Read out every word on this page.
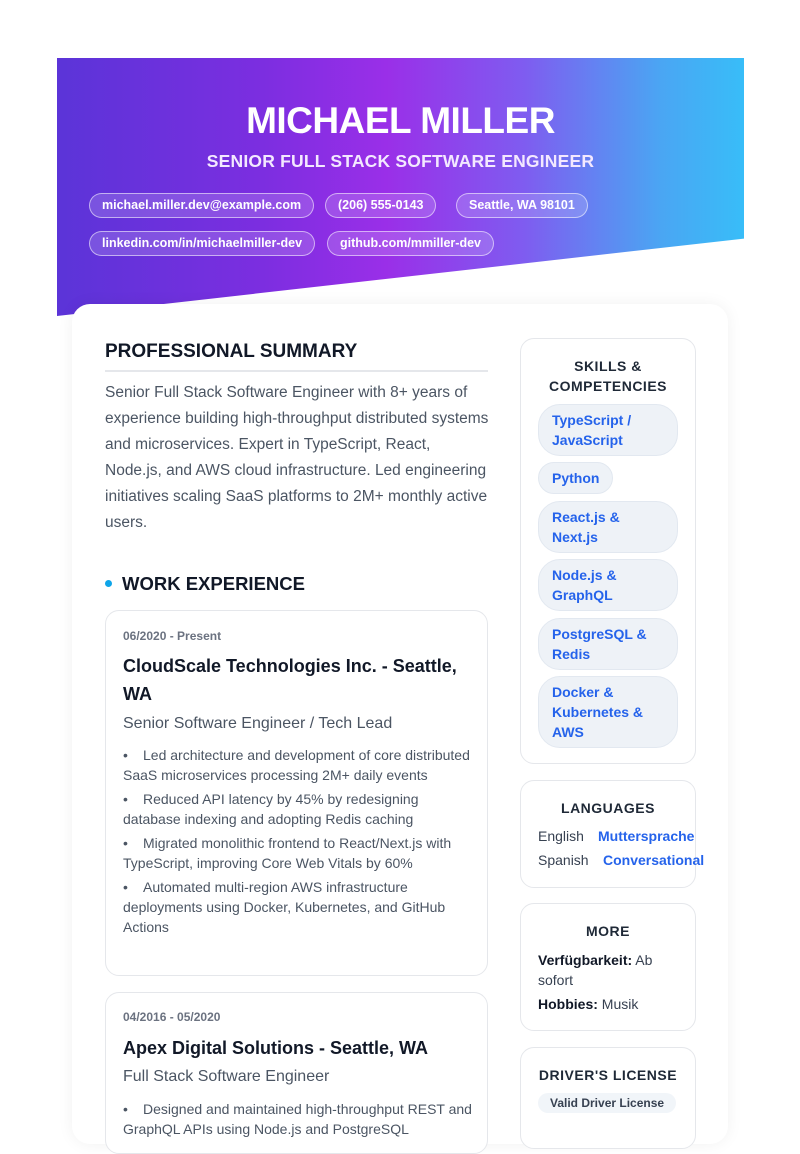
MICHAEL MILLER
SENIOR FULL STACK SOFTWARE ENGINEER
michael.miller.dev@example.com	(206) 555-0143	Seattle, WA 98101
linkedin.com/in/michaelmiller-dev	github.com/mmiller-dev
PROFESSIONAL SUMMARY
Senior Full Stack Software Engineer with 8+ years of experience building high-throughput distributed systems and microservices. Expert in TypeScript, React, Node.js, and AWS cloud infrastructure. Led engineering initiatives scaling SaaS platforms to 2M+ monthly active users.
WORK EXPERIENCE
06/2020 - Present
CloudScale Technologies Inc. - Seattle, WA
Senior Software Engineer / Tech Lead
• Led architecture and development of core distributed SaaS microservices processing 2M+ daily events
• Reduced API latency by 45% by redesigning database indexing and adopting Redis caching
• Migrated monolithic frontend to React/Next.js with TypeScript, improving Core Web Vitals by 60%
• Automated multi-region AWS infrastructure deployments using Docker, Kubernetes, and GitHub Actions
04/2016 - 05/2020
Apex Digital Solutions - Seattle, WA
Full Stack Software Engineer
• Designed and maintained high-throughput REST and GraphQL APIs using Node.js and PostgreSQL
SKILLS & COMPETENCIES
TypeScript / JavaScript
Python
React.js & Next.js
Node.js & GraphQL
PostgreSQL & Redis
Docker & Kubernetes & AWS
LANGUAGES
English Muttersprache
Spanish Conversational
MORE
Verfügbarkeit: Ab sofort
Hobbies: Musik
DRIVER'S LICENSE
Valid Driver License
